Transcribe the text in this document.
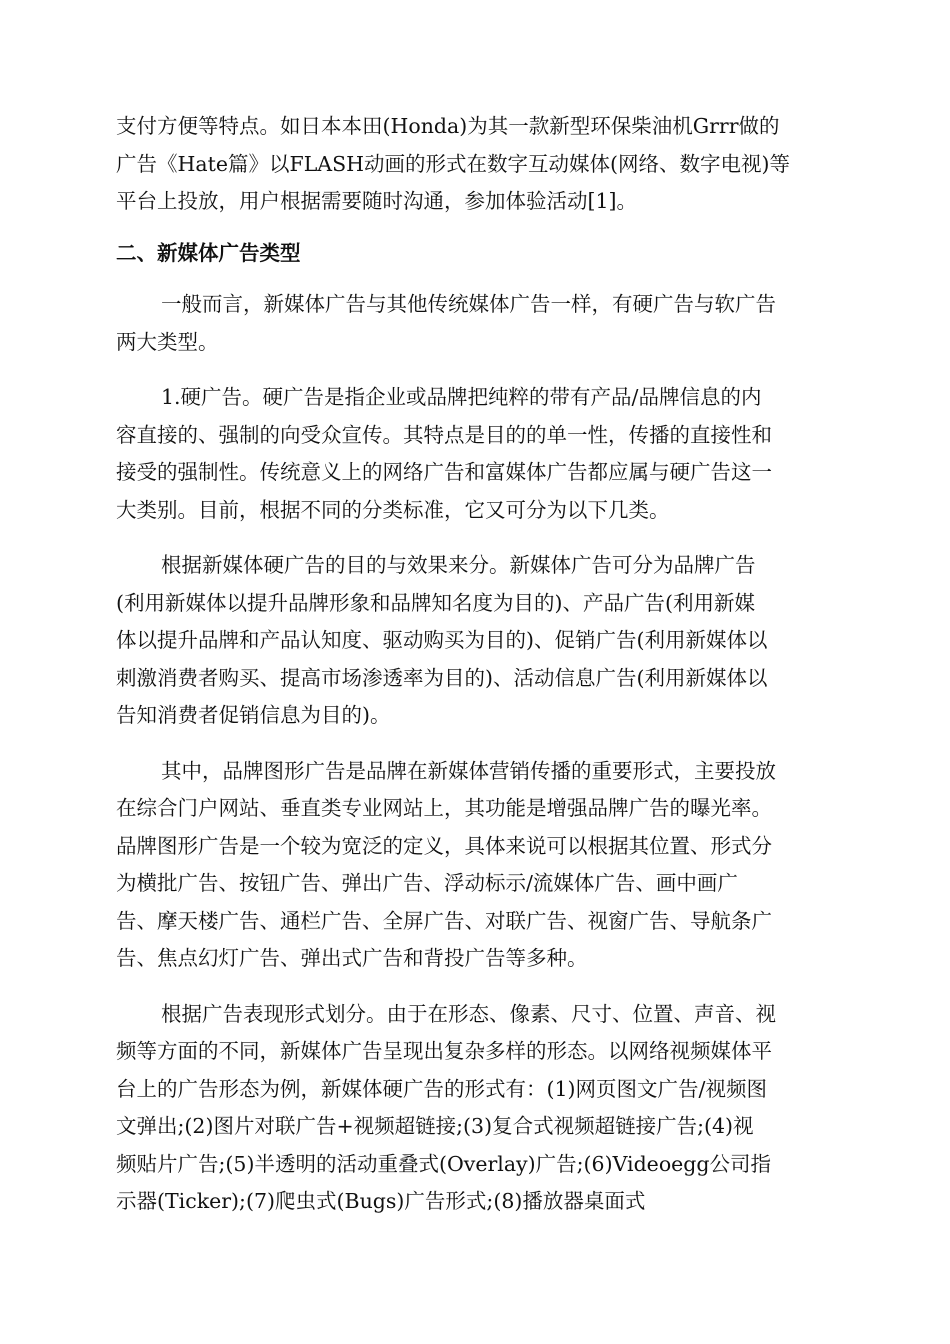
支付方便等特点。如日本本田(Honda)为其一款新型环保柴油机Grrr做的
广告《Hate篇》以FLASH动画的形式在数字互动媒体(网络、数字电视)等
平台上投放，用户根据需要随时沟通，参加体验活动[1]。
二、新媒体广告类型
一般而言，新媒体广告与其他传统媒体广告一样，有硬广告与软广告
两大类型。
1.硬广告。硬广告是指企业或品牌把纯粹的带有产品/品牌信息的内
容直接的、强制的向受众宣传。其特点是目的的单一性，传播的直接性和
接受的强制性。传统意义上的网络广告和富媒体广告都应属与硬广告这一
大类别。目前，根据不同的分类标准，它又可分为以下几类。
根据新媒体硬广告的目的与效果来分。新媒体广告可分为品牌广告
(利用新媒体以提升品牌形象和品牌知名度为目的)、产品广告(利用新媒
体以提升品牌和产品认知度、驱动购买为目的)、促销广告(利用新媒体以
刺激消费者购买、提高市场渗透率为目的)、活动信息广告(利用新媒体以
告知消费者促销信息为目的)。
其中，品牌图形广告是品牌在新媒体营销传播的重要形式，主要投放
在综合门户网站、垂直类专业网站上，其功能是增强品牌广告的曝光率。
品牌图形广告是一个较为宽泛的定义，具体来说可以根据其位置、形式分
为横批广告、按钮广告、弹出广告、浮动标示/流媒体广告、画中画广
告、摩天楼广告、通栏广告、全屏广告、对联广告、视窗广告、导航条广
告、焦点幻灯广告、弹出式广告和背投广告等多种。
根据广告表现形式划分。由于在形态、像素、尺寸、位置、声音、视
频等方面的不同，新媒体广告呈现出复杂多样的形态。以网络视频媒体平
台上的广告形态为例，新媒体硬广告的形式有：(1)网页图文广告/视频图
文弹出;(2)图片对联广告+视频超链接;(3)复合式视频超链接广告;(4)视
频贴片广告;(5)半透明的活动重叠式(Overlay)广告;(6)Videoegg公司指
示器(Ticker);(7)爬虫式(Bugs)广告形式;(8)播放器桌面式
